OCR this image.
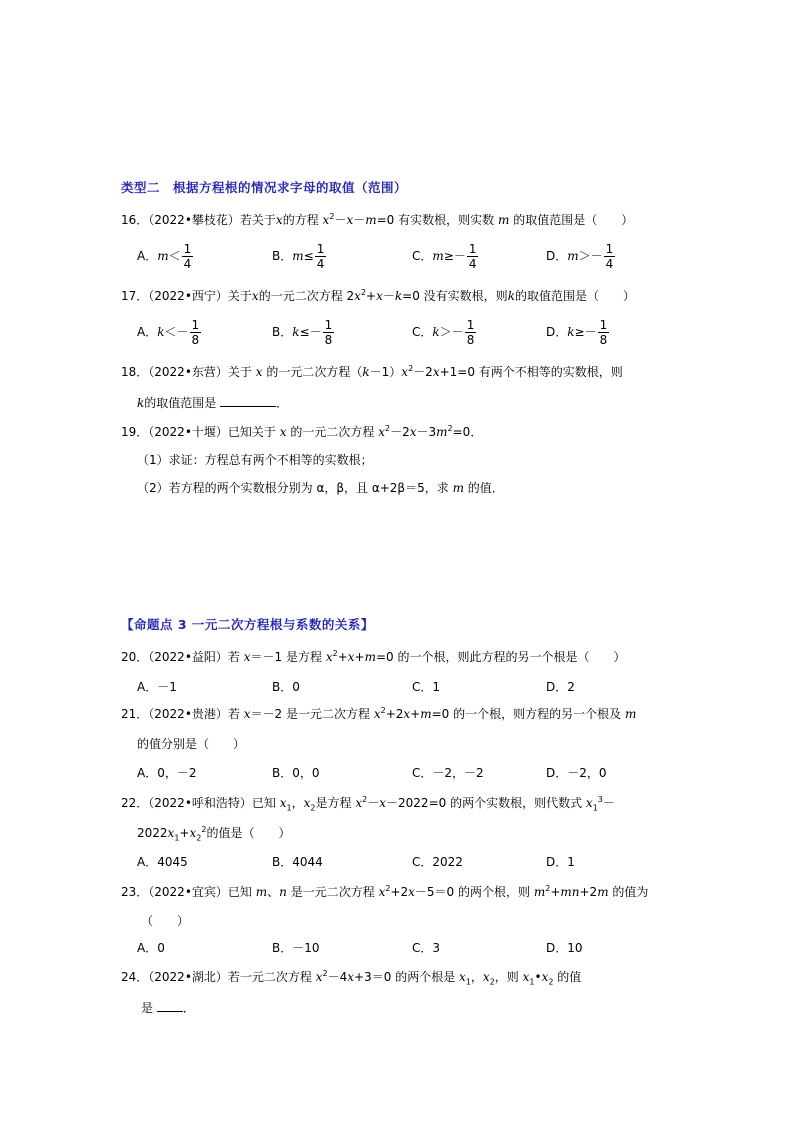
类型二　根据方程根的情况求字母的取值（范围）
16．（2022•攀枝花）若关于x的方程 $x^2-x-m=0$ 有实数根，则实数 m 的取值范围是（　　）
A．$m< \frac{1}{4}$	B．$m\le \frac{1}{4}$	C．$m\ge- \frac{1}{4}$	D．$m>- \frac{1}{4}$
17．（2022•西宁）关于x的一元二次方程 $2x^2+x-k=0$ 没有实数根，则k的取值范围是（　　）
A．$k<- \frac{1}{8}$	B．$k\le- \frac{1}{8}$	C．$k>- \frac{1}{8}$	D．$k\ge- \frac{1}{8}$
18．（2022•东营）关于 x 的一元二次方程$(k-1)x^2-2x+1=0$ 有两个不相等的实数根，则
k的取值范围是	．
19．（2022•十堰）已知关于 x 的一元二次方程 $x^2-2x-3m^2=0$．
（1）求证：方程总有两个不相等的实数根；
（2）若方程的两个实数根分别为 α，β，且 α+2β＝5，求 m 的值．
【命题点 3 一元二次方程根与系数的关系】
20．（2022•益阳）若 x＝－1 是方程 $x^2+x+m=0$ 的一个根，则此方程的另一个根是（　　）
A．－1	B．0	C．1	D．2
21．（2022•贵港）若 x＝－2 是一元二次方程 $x^2+2x+m=0$ 的一个根，则方程的另一个根及 m
的值分别是（　　）
A．0，－2	B．0，0	C．－2，－2	D．－2，0
22．（2022•呼和浩特）已知 $x_1$，$x_2$是方程 $x^2-x-2022=0$ 的两个实数根，则代数式 $x_1^3-$
$2022x_1+x_2^2$的值是（　　）
A．4045	B．4044	C．2022	D．1
23．（2022•宜宾）已知 m、n 是一元二次方程 $x^2+2x-5=0$ 的两个根，则 $m^2+mn+2m$ 的值为
（　　）
A．0	B．－10	C．3	D．10
24．（2022•湖北）若一元二次方程 $x^2-4x+3=0$ 的两个根是 $x_1$，$x_2$，则 $x_1•x_2$ 的值
是 ．
